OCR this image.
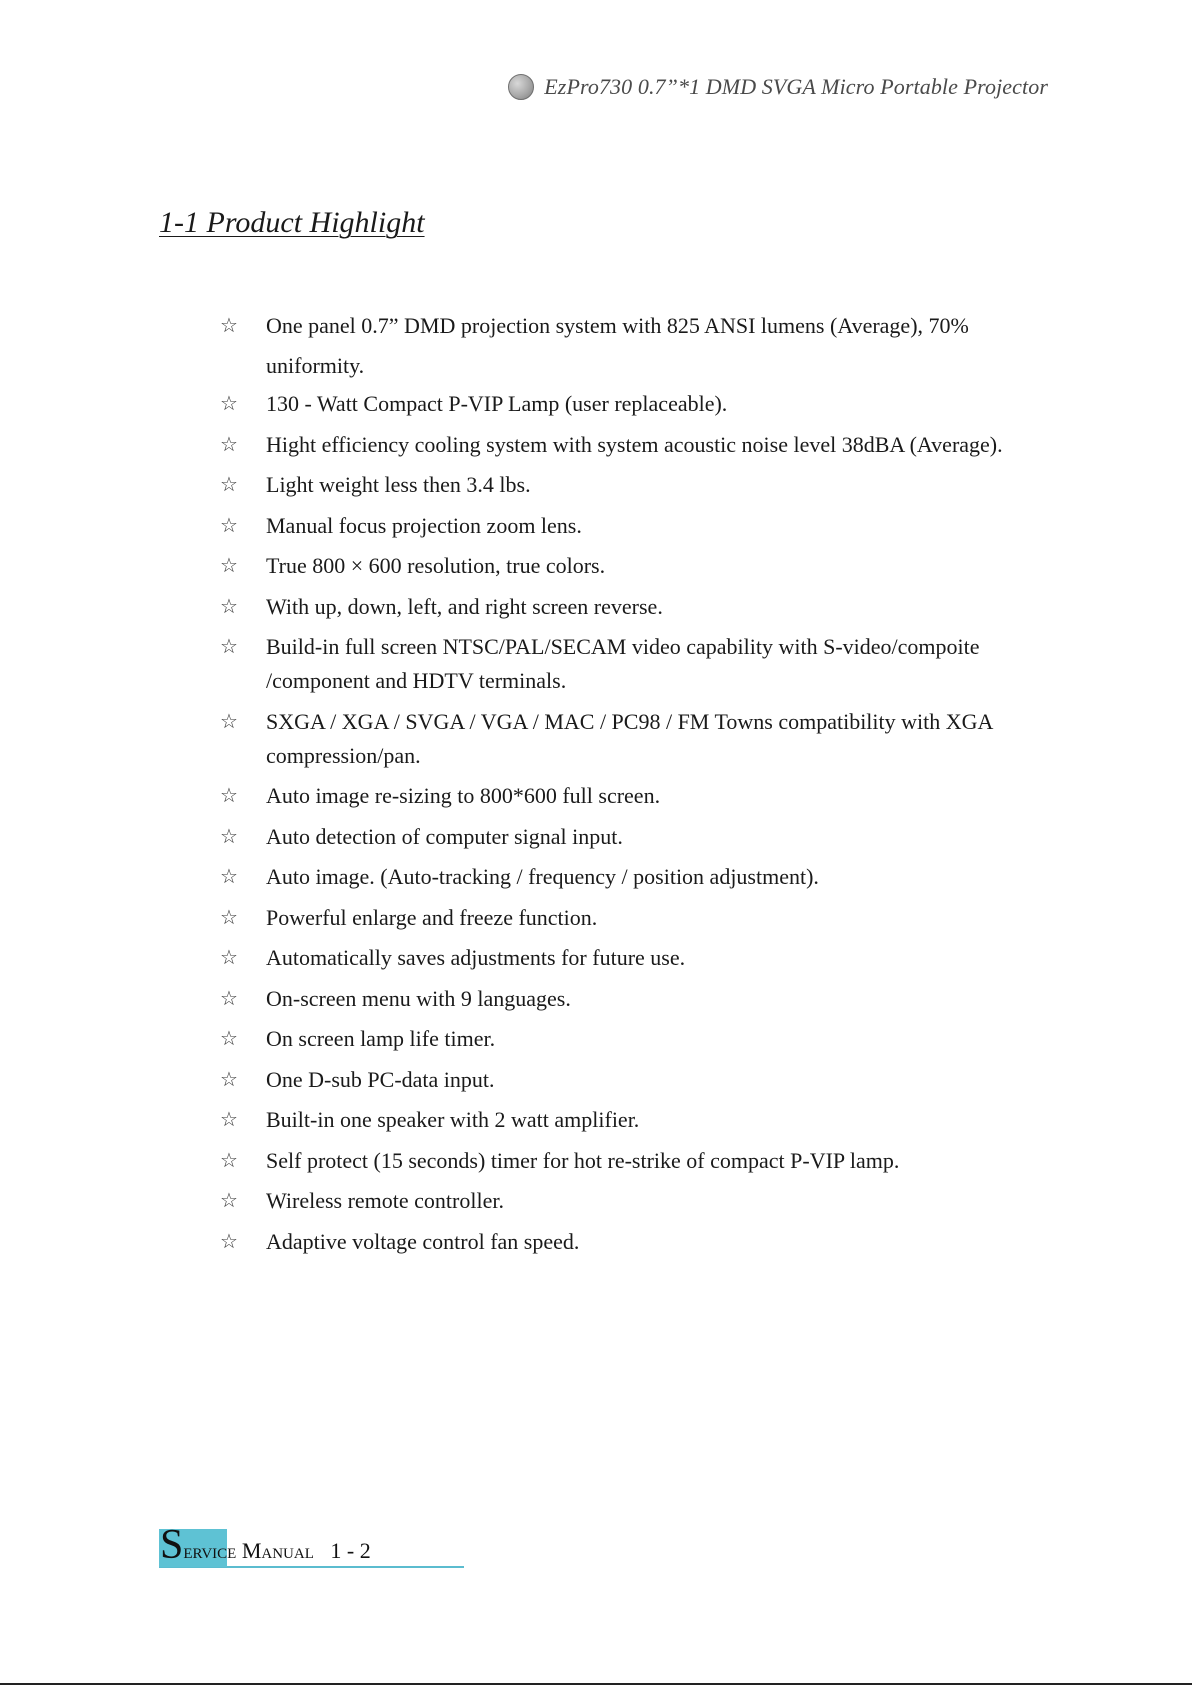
EzPro730 0.7”*1 DMD SVGA Micro Portable Projector
1-1 Product Highlight
☆	One panel 0.7” DMD projection system with 825 ANSI lumens (Average), 70% uniformity.
☆	130 - Watt Compact P-VIP Lamp (user replaceable).
☆	Hight efficiency cooling system with system acoustic noise level 38dBA (Average).
☆	Light weight less then 3.4 lbs.
☆	Manual focus projection zoom lens.
☆	True 800 × 600 resolution, true colors.
☆	With up, down, left, and right screen reverse.
☆	Build-in full screen NTSC/PAL/SECAM video capability with S-video/compoite /component and HDTV terminals.
☆	SXGA / XGA / SVGA / VGA / MAC / PC98 / FM Towns compatibility with XGA compression/pan.
☆	Auto image re-sizing to 800*600 full screen.
☆	Auto detection of computer signal input.
☆	Auto image. (Auto-tracking / frequency / position adjustment).
☆	Powerful enlarge and freeze function.
☆	Automatically saves adjustments for future use.
☆	On-screen menu with 9 languages.
☆	On screen lamp life timer.
☆	One D-sub PC-data input.
☆	Built-in one speaker with 2 watt amplifier.
☆	Self protect (15 seconds) timer for hot re-strike of compact P-VIP lamp.
☆	Wireless remote controller.
☆	Adaptive voltage control fan speed.
Service Manual 1 - 2
